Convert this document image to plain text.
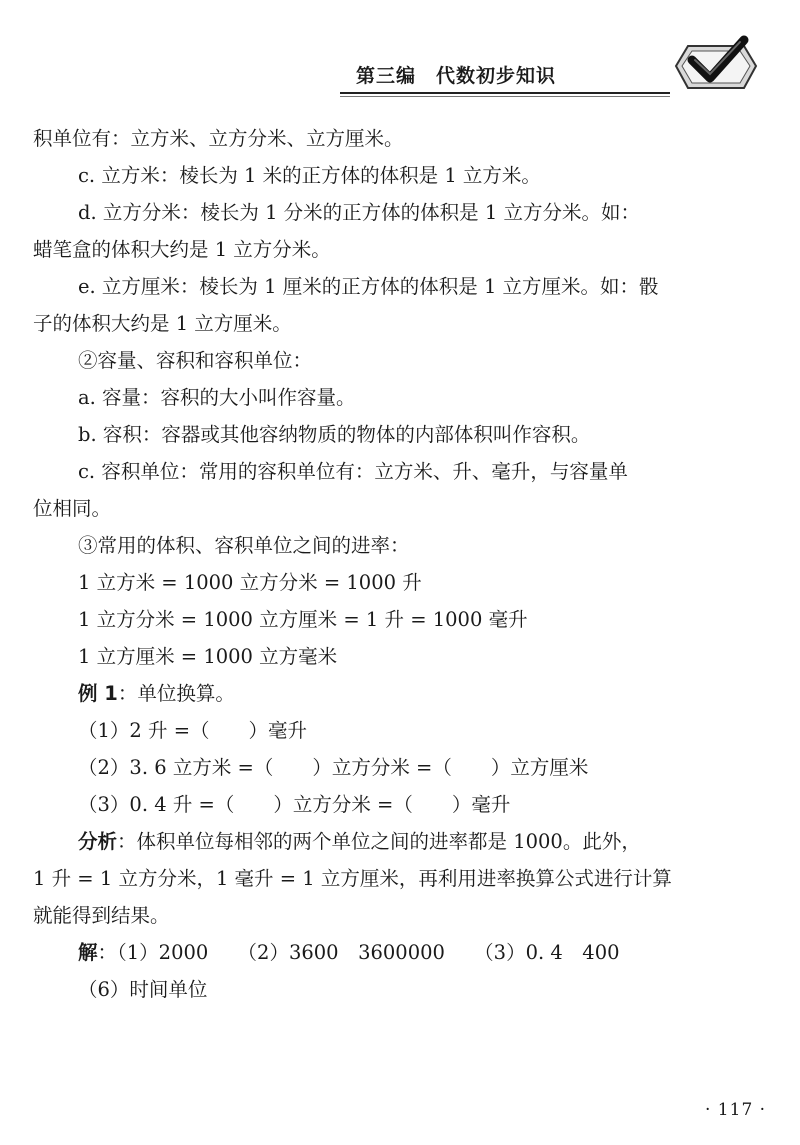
第三编　代数初步知识
积单位有：立方米、立方分米、立方厘米。
c. 立方米：棱长为 1 米的正方体的体积是 1 立方米。
d. 立方分米：棱长为 1 分米的正方体的体积是 1 立方分米。如：
蜡笔盒的体积大约是 1 立方分米。
e. 立方厘米：棱长为 1 厘米的正方体的体积是 1 立方厘米。如：骰
子的体积大约是 1 立方厘米。
②容量、容积和容积单位：
a. 容量：容积的大小叫作容量。
b. 容积：容器或其他容纳物质的物体的内部体积叫作容积。
c. 容积单位：常用的容积单位有：立方米、升、毫升，与容量单
位相同。
③常用的体积、容积单位之间的进率：
1 立方米 = 1000 立方分米 = 1000 升
1 立方分米 = 1000 立方厘米 = 1 升 = 1000 毫升
1 立方厘米 = 1000 立方毫米
例 1：单位换算。
（1）2 升 =（　　）毫升
（2）3. 6 立方米 =（　　）立方分米 =（　　）立方厘米
（3）0. 4 升 =（　　）立方分米 =（　　）毫升
分析：体积单位每相邻的两个单位之间的进率都是 1000。此外，
1 升 = 1 立方分米，1 毫升 = 1 立方厘米，再利用进率换算公式进行计算
就能得到结果。
解：（1）2000　　（2）3600　3600000　　（3）0. 4　400
（6）时间单位
· 117 ·
